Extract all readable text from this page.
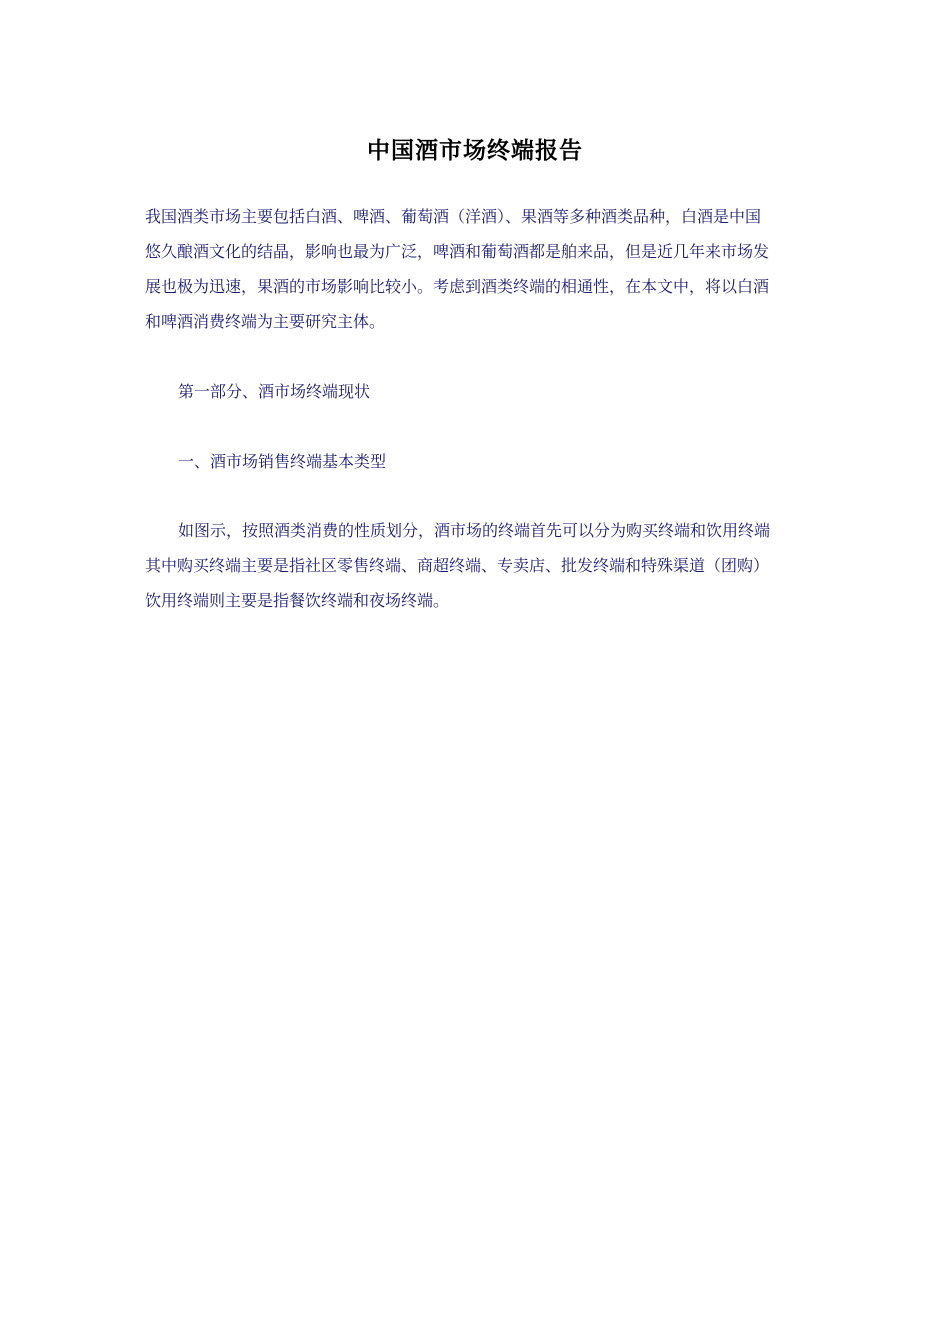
中国酒市场终端报告
我国酒类市场主要包括白酒、啤酒、葡萄酒（洋酒）、果酒等多种酒类品种，白酒是中国
悠久酿酒文化的结晶，影响也最为广泛，啤酒和葡萄酒都是舶来品，但是近几年来市场发
展也极为迅速，果酒的市场影响比较小。考虑到酒类终端的相通性，在本文中，将以白酒
和啤酒消费终端为主要研究主体。
第一部分、酒市场终端现状
一、酒市场销售终端基本类型
如图示，按照酒类消费的性质划分，酒市场的终端首先可以分为购买终端和饮用终端
其中购买终端主要是指社区零售终端、商超终端、专卖店、批发终端和特殊渠道（团购）
饮用终端则主要是指餐饮终端和夜场终端。
